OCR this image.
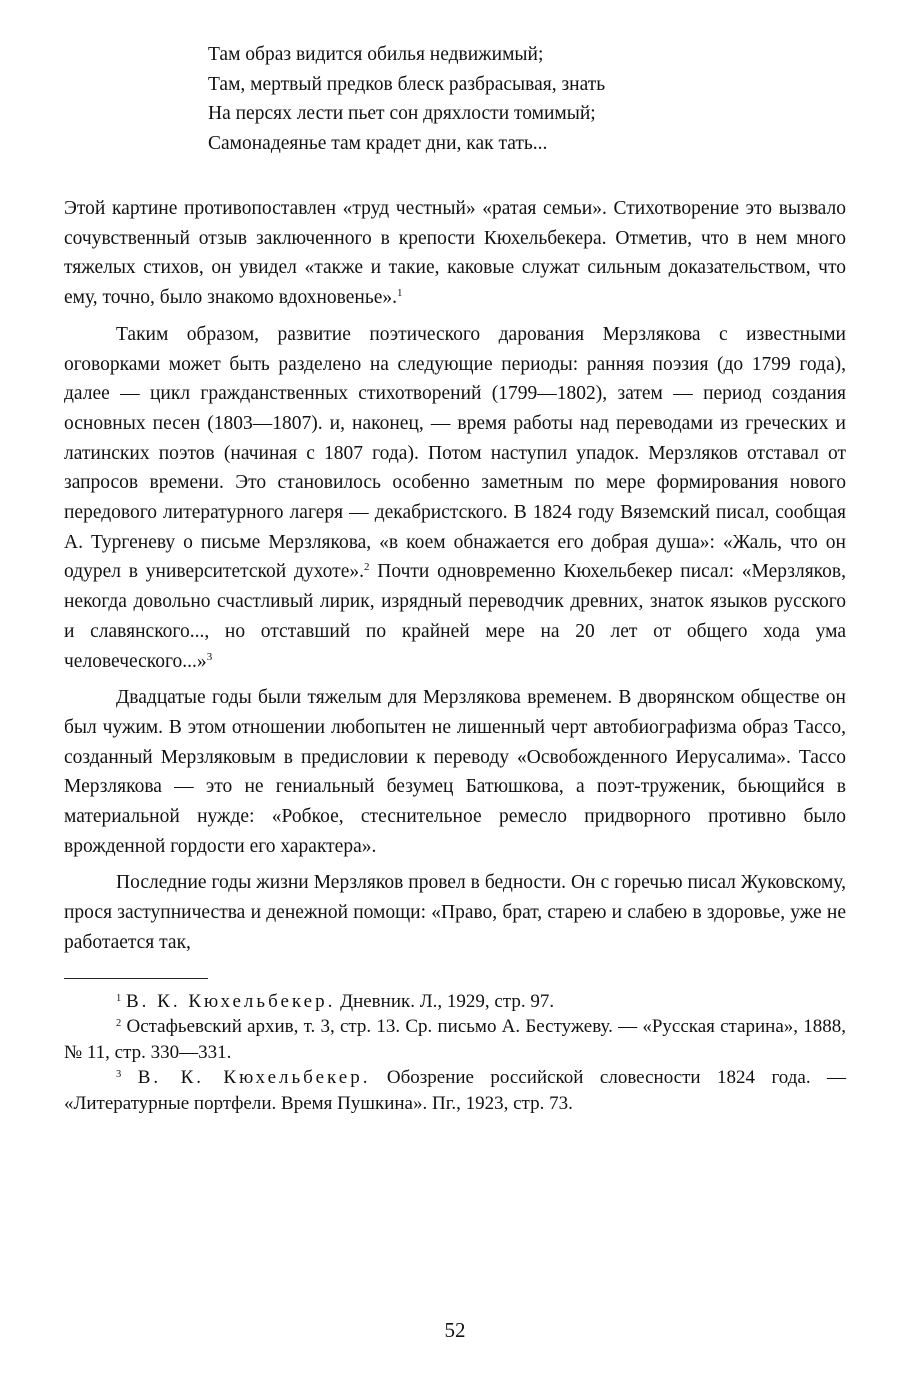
Там образ видится обилья недвижимый;
Там, мертвый предков блеск разбрасывая, знать
На персях лести пьет сон дряхлости томимый;
Самонадеянье там крадет дни, как тать...

Этой картине противопоставлен «труд честный» «ратая семьи». Стихотворение это вызвало сочувственный отзыв заключенного в крепости Кюхельбекера. Отметив, что в нем много тяжелых стихов, он увидел «также и такие, каковые служат сильным доказательством, что ему, точно, было знакомо вдохновенье».$^1$

Таким образом, развитие поэтического дарования Мерзлякова с известными оговорками может быть разделено на следующие периоды: ранняя поэзия (до 1799 года), далее — цикл гражданственных стихотворений (1799—1802), затем — период создания основных песен (1803—1807). и, наконец, — время работы над переводами из греческих и латинских поэтов (начиная с 1807 года). Потом наступил упадок. Мерзляков отставал от запросов времени. Это становилось особенно заметным по мере формирования нового передового литературного лагеря — декабристского. В 1824 году Вяземский писал, сообщая А. Тургеневу о письме Мерзлякова, «в коем обнажается его добрая душа»: «Жаль, что он одурел в университетской духоте».$^2$ Почти одновременно Кюхельбекер писал: «Мерзляков, некогда довольно счастливый лирик, изрядный переводчик древних, знаток языков русского и славянского..., но отставший по крайней мере на 20 лет от общего хода ума человеческого...»$^3$

Двадцатые годы были тяжелым для Мерзлякова временем. В дворянском обществе он был чужим. В этом отношении любопытен не лишенный черт автобиографизма образ Тассо, созданный Мерзляковым в предисловии к переводу «Освобожденного Иерусалима». Тассо Мерзлякова — это не гениальный безумец Батюшкова, а поэт-труженик, бьющийся в материальной нужде: «Робкое, стеснительное ремесло придворного противно было врожденной гордости его характера».

Последние годы жизни Мерзляков провел в бедности. Он с горечью писал Жуковскому, прося заступничества и денежной помощи: «Право, брат, старею и слабею в здоровье, уже не работается так,

$^1$ В. К. Кюхельбекер. Дневник. Л., 1929, стр. 97.

$^2$ Остафьевский архив, т. 3, стр. 13. Ср. письмо А. Бестужеву. — «Русская старина», 1888, № 11, стр. 330—331.

$^3$ В. К. Кюхельбекер. Обозрение российской словесности 1824 года. — «Литературные портфели. Время Пушкина». Пг., 1923, стр. 73.

52
